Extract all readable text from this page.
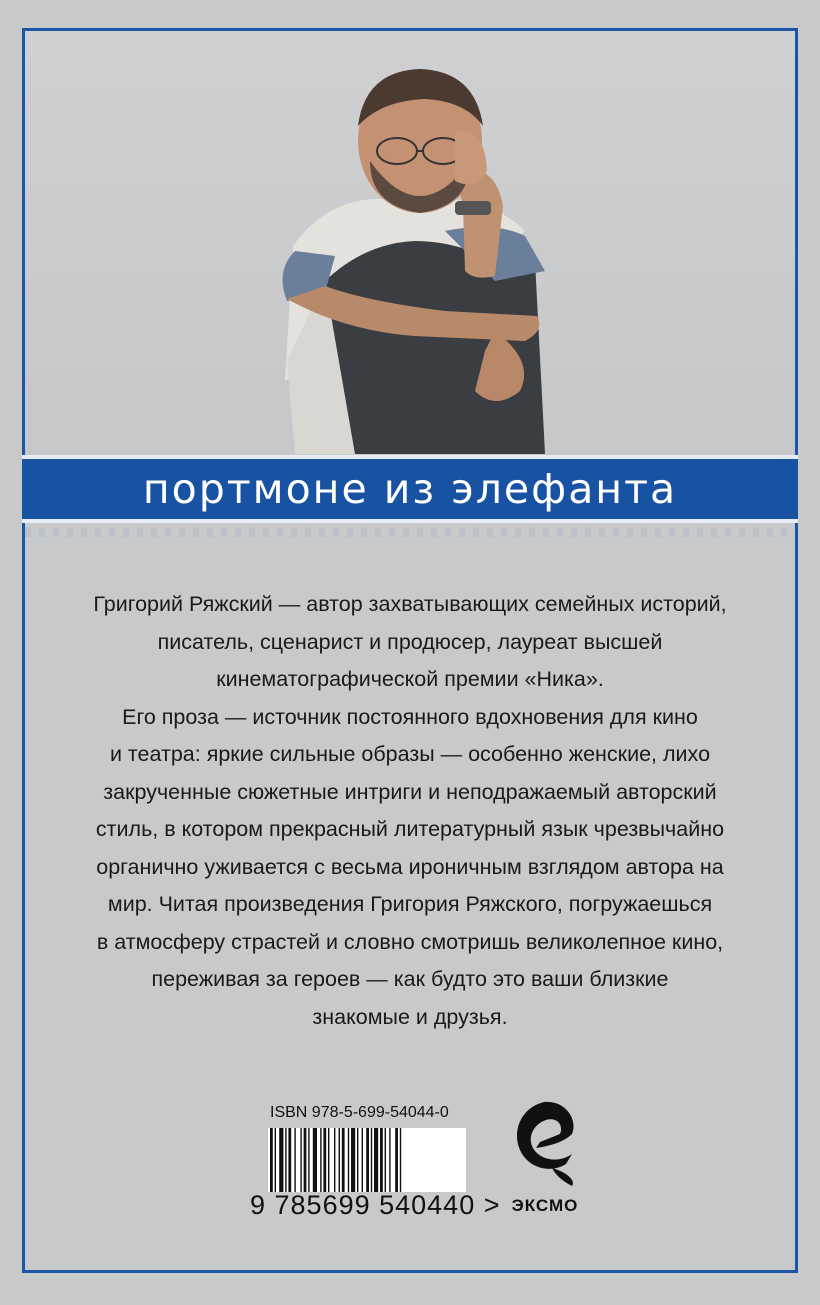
портмоне из элефанта

Григорий Ряжский — автор захватывающих семейных историй,

писатель, сценарист и продюсер, лауреат высшей

кинематографической премии «Ника».

Его проза — источник постоянного вдохновения для кино

и театра: яркие сильные образы — особенно женские, лихо

закрученные сюжетные интриги и неподражаемый авторский

стиль, в котором прекрасный литературный язык чрезвычайно

органично уживается с весьма ироничным взглядом автора на

мир. Читая произведения Григория Ряжского, погружаешься

в атмосферу страстей и словно смотришь великолепное кино,

переживая за героев — как будто это ваши близкие

знакомые и друзья.

ISBN 978-5-699-54044-0
9 785699 540440 > ЭКСМО
